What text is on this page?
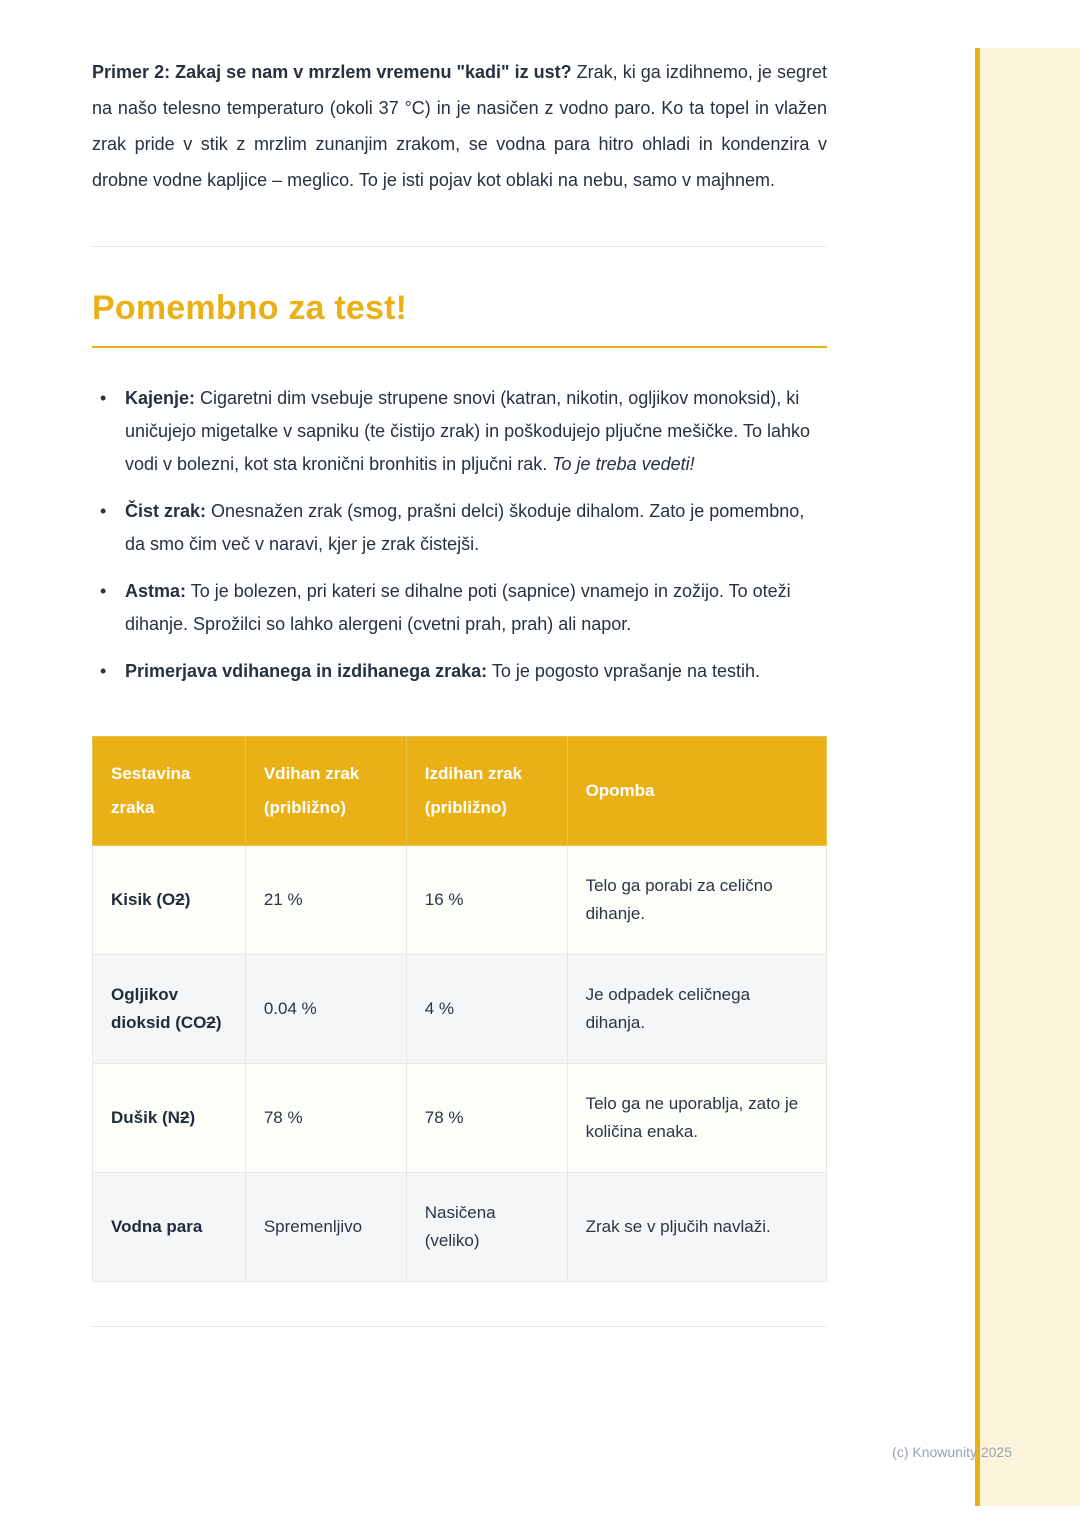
Primer 2: Zakaj se nam v mrzlem vremenu "kadi" iz ust? Zrak, ki ga izdihnemo, je segret na našo telesno temperaturo (okoli 37 °C) in je nasičen z vodno paro. Ko ta topel in vlažen zrak pride v stik z mrzlim zunanjim zrakom, se vodna para hitro ohladi in kondenzira v drobne vodne kapljice – meglico. To je isti pojav kot oblaki na nebu, samo v majhnem.

Pomembno za test!
• Kajenje: Cigaretni dim vsebuje strupene snovi (katran, nikotin, ogljikov monoksid), ki uničujejo migetalke v sapniku (te čistijo zrak) in poškodujejo pljučne mešičke. To lahko vodi v bolezni, kot sta kronični bronhitis in pljučni rak. To je treba vedeti!
• Čist zrak: Onesnažen zrak (smog, prašni delci) škoduje dihalom. Zato je pomembno, da smo čim več v naravi, kjer je zrak čistejši.
• Astma: To je bolezen, pri kateri se dihalne poti (sapnice) vnamejo in zožijo. To oteži dihanje. Sprožilci so lahko alergeni (cvetni prah, prah) ali napor.
• Primerjava vdihanega in izdihanega zraka: To je pogosto vprašanje na testih.
Sestavina zraka	Vdihan zrak (približno)	Izdihan zrak (približno)	Opomba
Kisik (O2)	21 %	16 %	Telo ga porabi za celično dihanje.
Ogljikov dioksid (CO2)	0.04 %	4 %	Je odpadek celičnega dihanja.
Dušik (N2)	78 %	78 %	Telo ga ne uporablja, zato je količina enaka.
Vodna para	Spremenljivo	Nasičena (veliko)	Zrak se v pljučih navlaži.
(c) Knowunity 2025
